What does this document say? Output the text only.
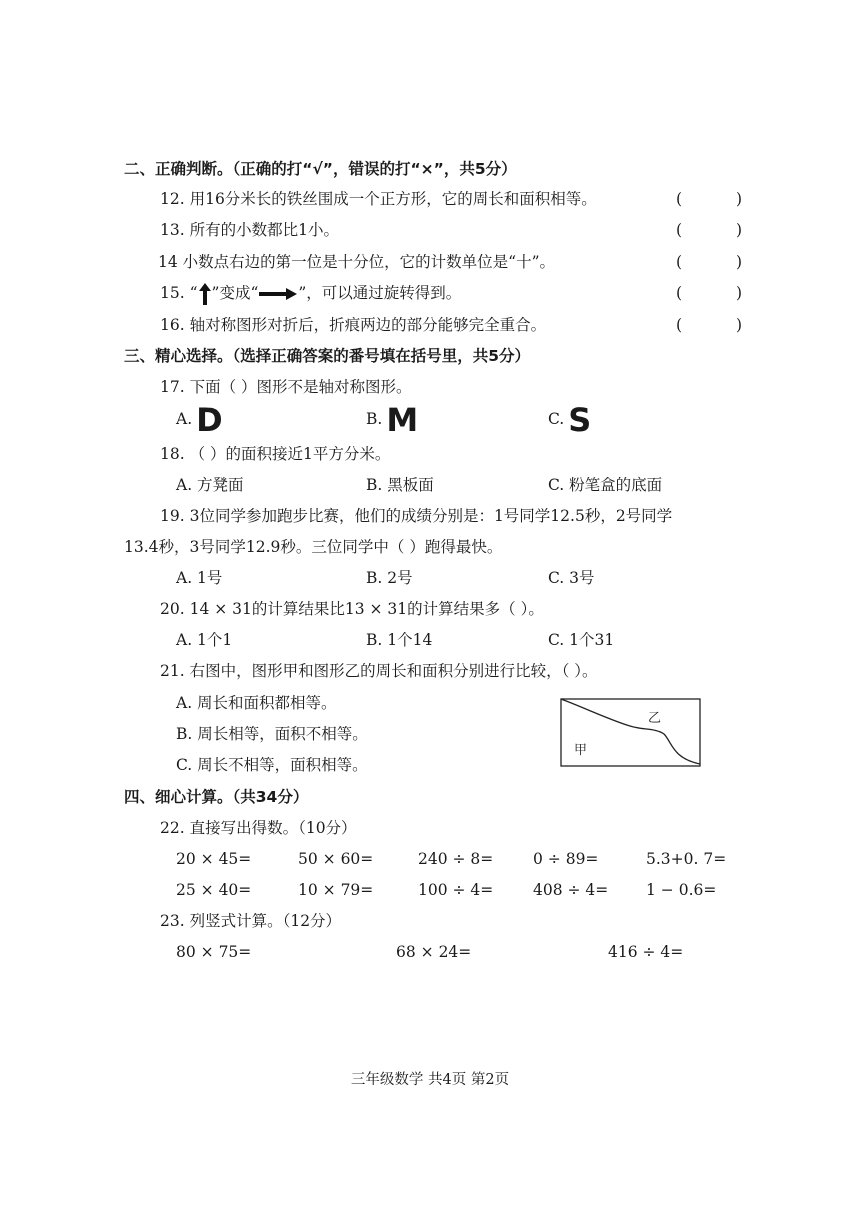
二、正确判断。（正确的打“√”，错误的打“×”，共5分）
12. 用16分米长的铁丝围成一个正方形，它的周长和面积相等。	(	)
13. 所有的小数都比1小。	(	)
14 小数点右边的第一位是十分位，它的计数单位是“十”。	(	)
15. “ ”变成“	”，可以通过旋转得到。	(	)
16. 轴对称图形对折后，折痕两边的部分能够完全重合。	(	)
三、精心选择。（选择正确答案的番号填在括号里，共5分）
17. 下面（ ）图形不是轴对称图形。
A. D	B. M	C. S
18. （ ）的面积接近1平方分米。
A. 方凳面	B. 黑板面	C. 粉笔盒的底面
19. 3位同学参加跑步比赛，他们的成绩分别是：1号同学12.5秒，2号同学
13.4秒，3号同学12.9秒。三位同学中（ ）跑得最快。
A. 1号	B. 2号	C. 3号
20. 14 × 31的计算结果比13 × 31的计算结果多（ ）。
A. 1个1	B. 1个14	C. 1个31
21. 右图中，图形甲和图形乙的周长和面积分别进行比较，（ ）。
A. 周长和面积都相等。
B. 周长相等，面积不相等。
C. 周长不相等，面积相等。
乙
甲
四、细心计算。（共34分）
22. 直接写出得数。（10分）
20 × 45=	50 × 60=	240 ÷ 8=	0 ÷ 89=	5.3+0. 7=
25 × 40=	10 × 79=	100 ÷ 4=	408 ÷ 4= 1 − 0.6=
23. 列竖式计算。（12分）
80 × 75=	68 × 24=	416 ÷ 4=
三年级数学 共4页 第2页
